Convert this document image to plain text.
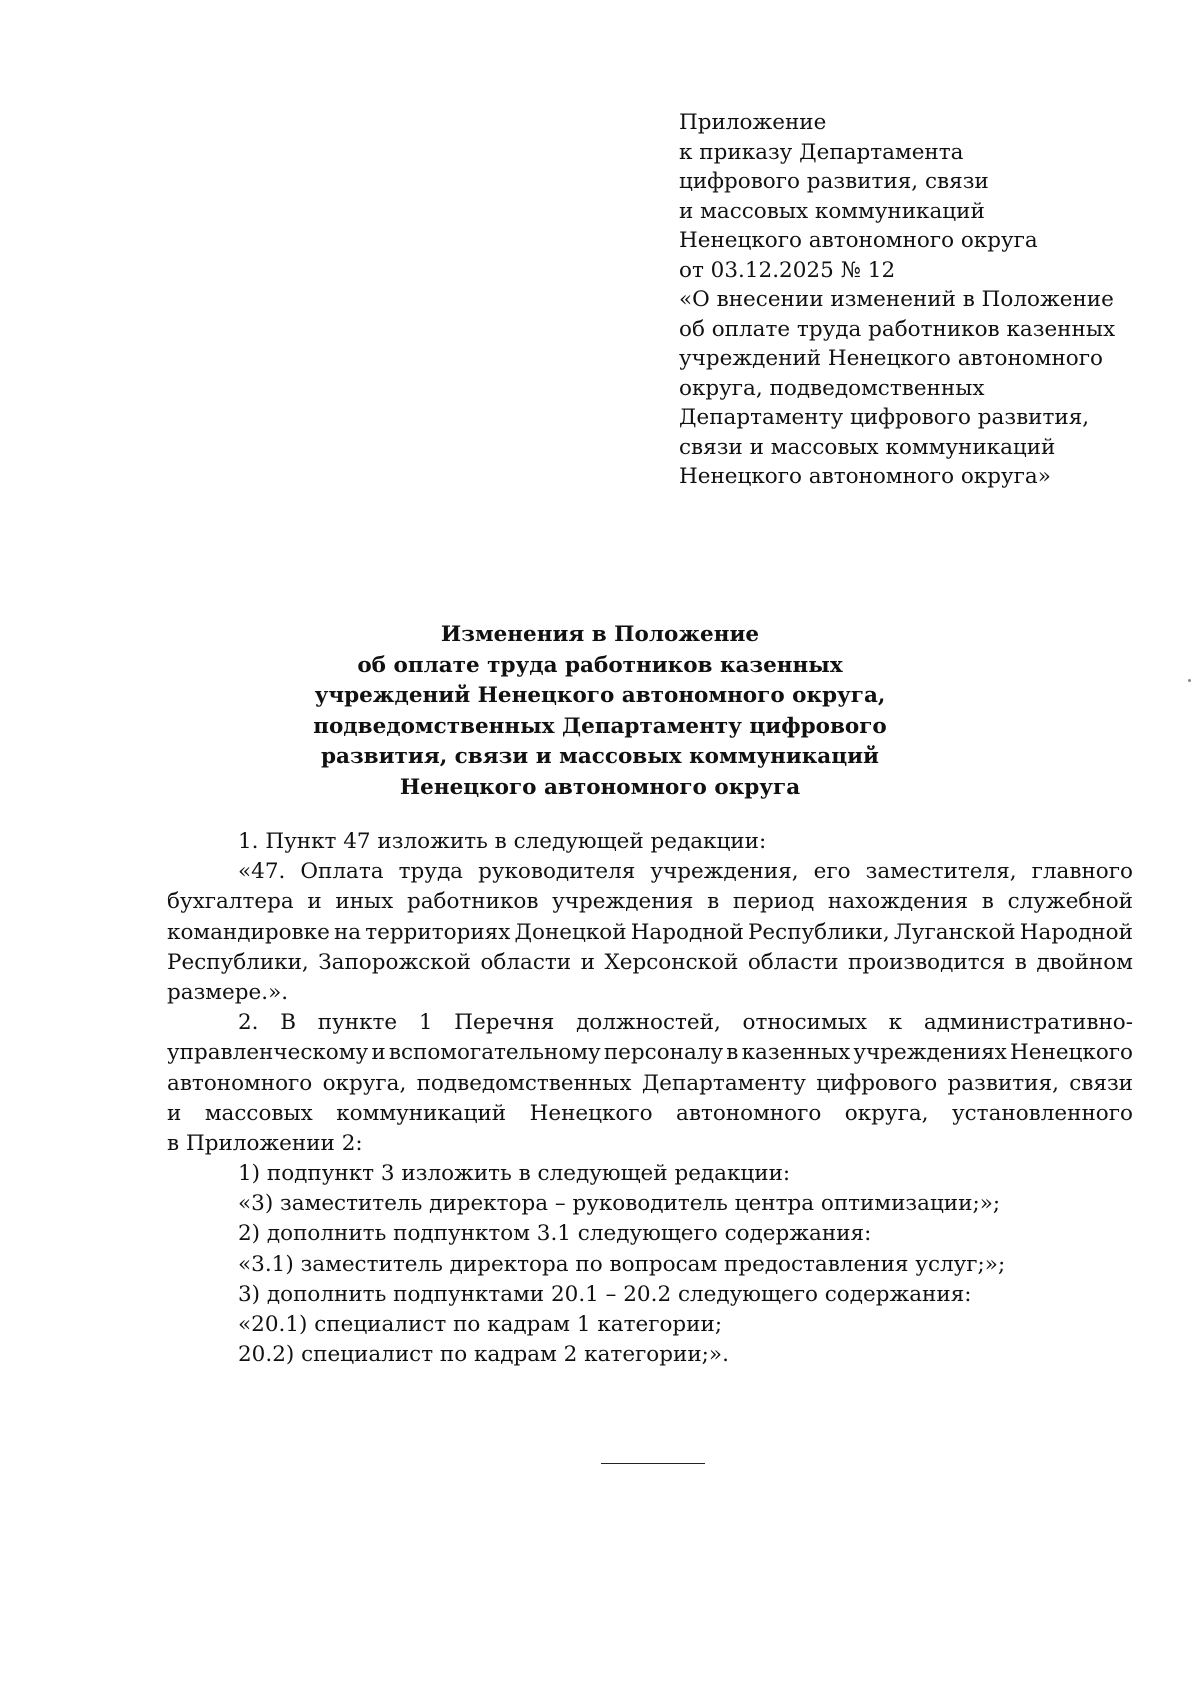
Приложение
к приказу Департамента
цифрового развития, связи
и массовых коммуникаций
Ненецкого автономного округа
от 03.12.2025 № 12
«О внесении изменений в Положение
об оплате труда работников казенных
учреждений Ненецкого автономного
округа, подведомственных
Департаменту цифрового развития,
связи и массовых коммуникаций
Ненецкого автономного округа»
Изменения в Положение
об оплате труда работников казенных
учреждений Ненецкого автономного округа,
подведомственных Департаменту цифрового
развития, связи и массовых коммуникаций
Ненецкого автономного округа
1. Пункт 47 изложить в следующей редакции:
«47. Оплата труда руководителя учреждения, его заместителя, главного
бухгалтера и иных работников учреждения в период нахождения в служебной
командировке на территориях Донецкой Народной Республики, Луганской Народной
Республики, Запорожской области и Херсонской области производится в двойном
размере.».
2. В пункте 1 Перечня должностей, относимых к административно-
управленческому и вспомогательному персоналу в казенных учреждениях Ненецкого
автономного округа, подведомственных Департаменту цифрового развития, связи
и массовых коммуникаций Ненецкого автономного округа, установленного
в Приложении 2:
1) подпункт 3 изложить в следующей редакции:
«3) заместитель директора – руководитель центра оптимизации;»;
2) дополнить подпунктом 3.1 следующего содержания:
«3.1) заместитель директора по вопросам предоставления услуг;»;
3) дополнить подпунктами 20.1 – 20.2 следующего содержания:
«20.1) специалист по кадрам 1 категории;
20.2) специалист по кадрам 2 категории;».
